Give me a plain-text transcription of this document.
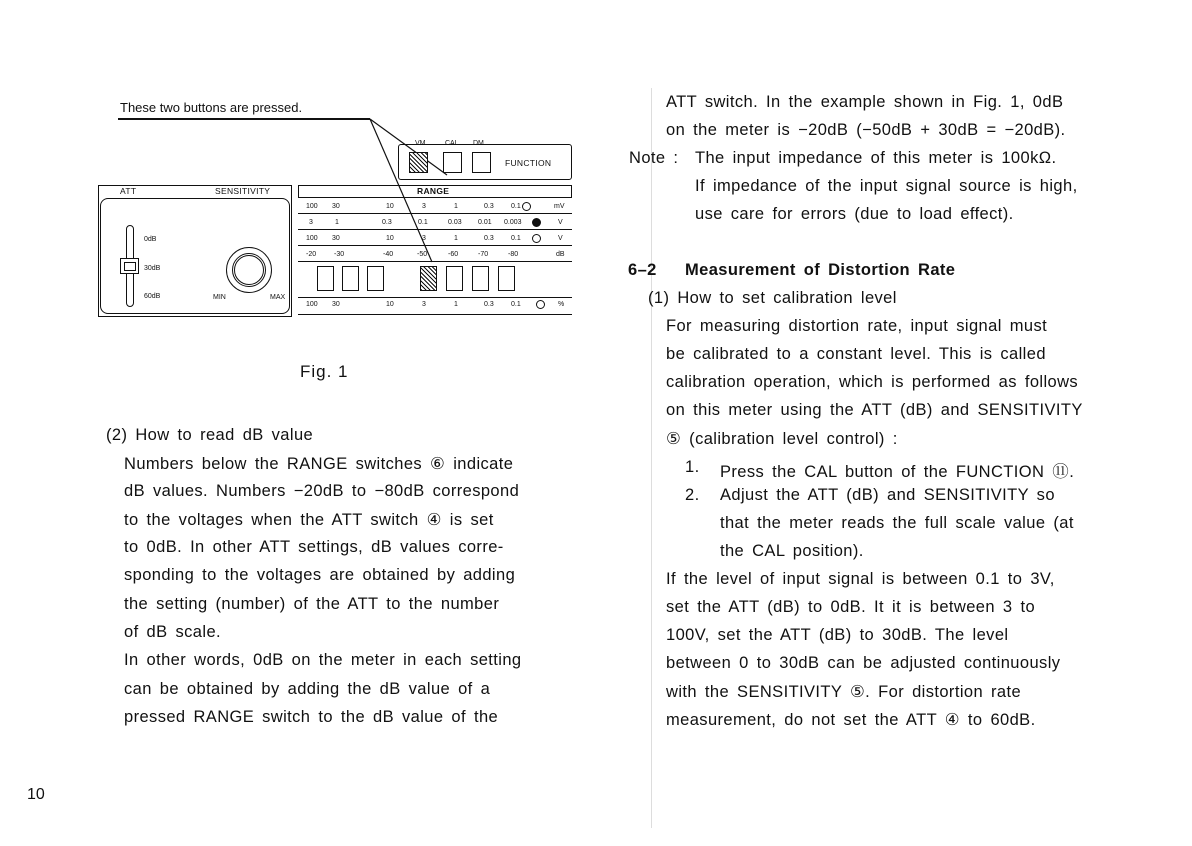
These two buttons are pressed.
VM	CAL DM
FUNCTION
ATT	SENSITIVITY
0dB
30dB
60dB	MIN	MAX
RANGE
100 30	10	3	1	0.3 0.1	mV
3	1	0.3	0.1	0.03 0.01 0.003	V
100 30	10	3	1	0.3 0.1	V
-20	-30	-40	-50	-60	-70	-80	dB
100 30	10	3	1	0.3 0.1	%
Fig. 1
(2) How to read dB value
Numbers below the RANGE switches ⑥ indicate
dB values. Numbers −20dB to −80dB correspond
to the voltages when the ATT switch ④ is set
to 0dB. In other ATT settings, dB values corre-
sponding to the voltages are obtained by adding
the setting (number) of the ATT to the number
of dB scale.
In other words, 0dB on the meter in each setting
can be obtained by adding the dB value of a
pressed RANGE switch to the dB value of the
ATT switch. In the example shown in Fig. 1, 0dB
on the meter is −20dB (−50dB + 30dB = −20dB).
Note : The input impedance of this meter is 100kΩ.
If impedance of the input signal source is high,
use care for errors (due to load effect).
6–2 Measurement of Distortion Rate
(1) How to set calibration level
For measuring distortion rate, input signal must
be calibrated to a constant level. This is called
calibration operation, which is performed as follows
on this meter using the ATT (dB) and SENSITIVITY
⑤ (calibration level control) :
1. Press the CAL button of the FUNCTION ⑪.
2. Adjust the ATT (dB) and SENSITIVITY so
that the meter reads the full scale value (at
the CAL position).
If the level of input signal is between 0.1 to 3V,
set the ATT (dB) to 0dB. It it is between 3 to
100V, set the ATT (dB) to 30dB. The level
between 0 to 30dB can be adjusted continuously
with the SENSITIVITY ⑤. For distortion rate
measurement, do not set the ATT ④ to 60dB.
10
